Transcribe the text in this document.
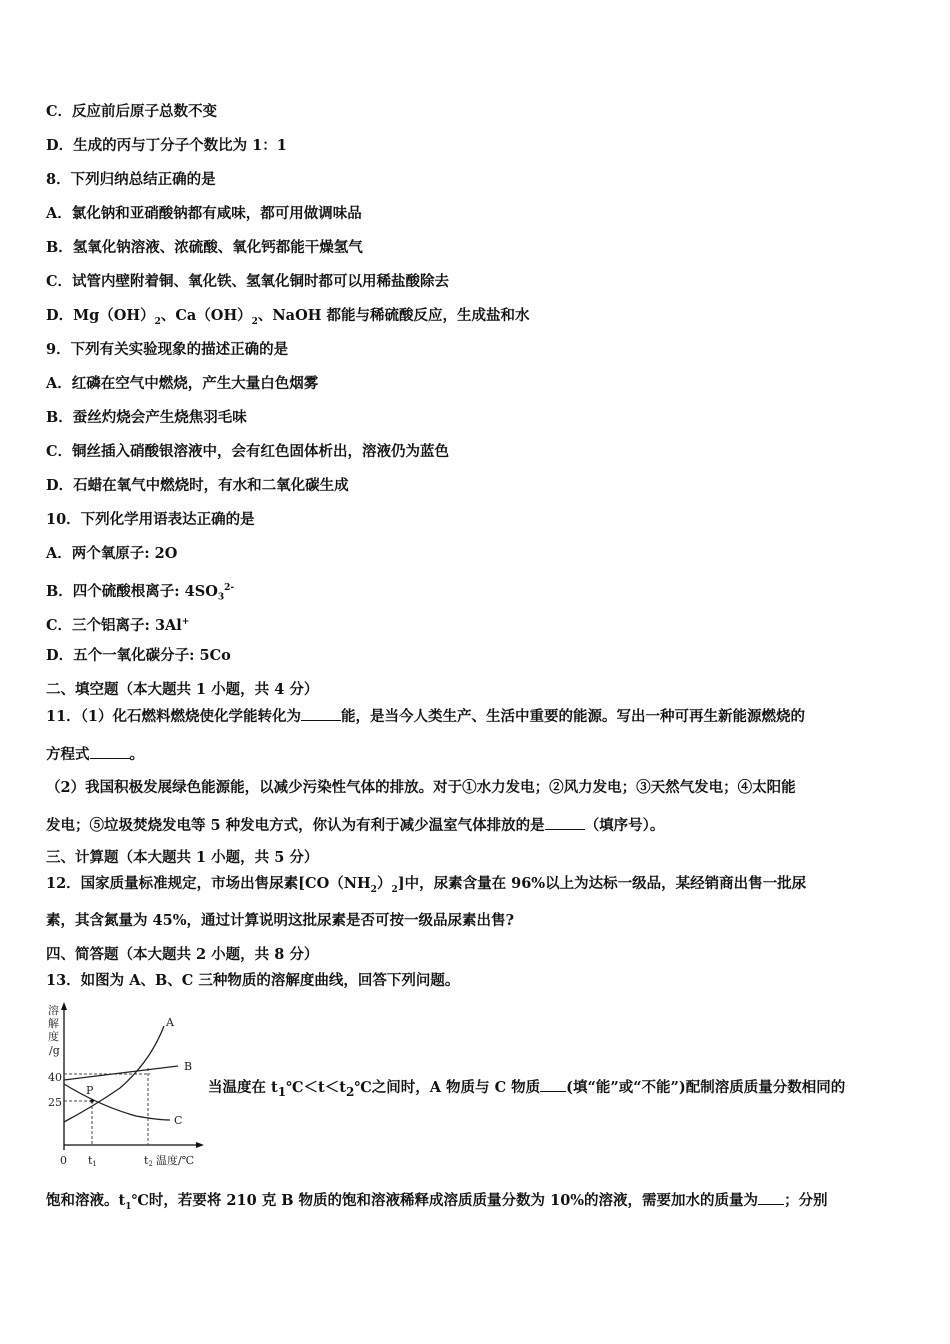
C．反应前后原子总数不变
D．生成的丙与丁分子个数比为 1：1
8．下列归纳总结正确的是
A．氯化钠和亚硝酸钠都有咸味，都可用做调味品
B．氢氧化钠溶液、浓硫酸、氧化钙都能干燥氢气
C．试管内壁附着铜、氧化铁、氢氧化铜时都可以用稀盐酸除去
D．$Mg(OH)_2$、$Ca(OH)_2$、NaOH 都能与稀硫酸反应，生成盐和水
9．下列有关实验现象的描述正确的是
A．红磷在空气中燃烧，产生大量白色烟雾
B．蚕丝灼烧会产生烧焦羽毛味
C．铜丝插入硝酸银溶液中，会有红色固体析出，溶液仍为蓝色
D．石蜡在氧气中燃烧时，有水和二氧化碳生成
10．下列化学用语表达正确的是
A．两个氧原子: 2O
B．四个硫酸根离子: $4SO_3^{2-}$
C．三个铝离子: 3Al+
D．五个一氧化碳分子: 5Co
二、填空题（本大题共 1 小题，共 4 分）
11．（1）化石燃料燃烧使化学能转化为	能，是当今人类生产、生活中重要的能源。写出一种可再生新能源燃烧的
方程式	。
（2）我国积极发展绿色能源能，以减少污染性气体的排放。对于①水力发电；②风力发电；③天然气发电；④太阳能
发电；⑤垃圾焚烧发电等 5 种发电方式，你认为有利于减少温室气体排放的是	（填序号）。
三、计算题（本大题共 1 小题，共 5 分）
12．国家质量标准规定，市场出售尿素$[CO(NH_2)_2]$中，尿素含量在 96%以上为达标一级品，某经销商出售一批尿
素，其含氮量为 45%，通过计算说明这批尿素是否可按一级品尿素出售?
四、简答题（本大题共 2 小题，共 8 分）
13．如图为 A、B、C 三种物质的溶解度曲线，回答下列问题。
溶
解
度
/g
40
25
0 t1	t2 温度/℃
A
B
C
P	当温度在 $t_1℃<t<t_2℃$之间时，A 物质与 C 物质 (填“能”或“不能”)配制溶质质量分数相同的
饱和溶液。$t_1℃$时，若要将 210 克 B 物质的饱和溶液稀释成溶质质量分数为 10%的溶液，需要加水的质量为 ；分别
